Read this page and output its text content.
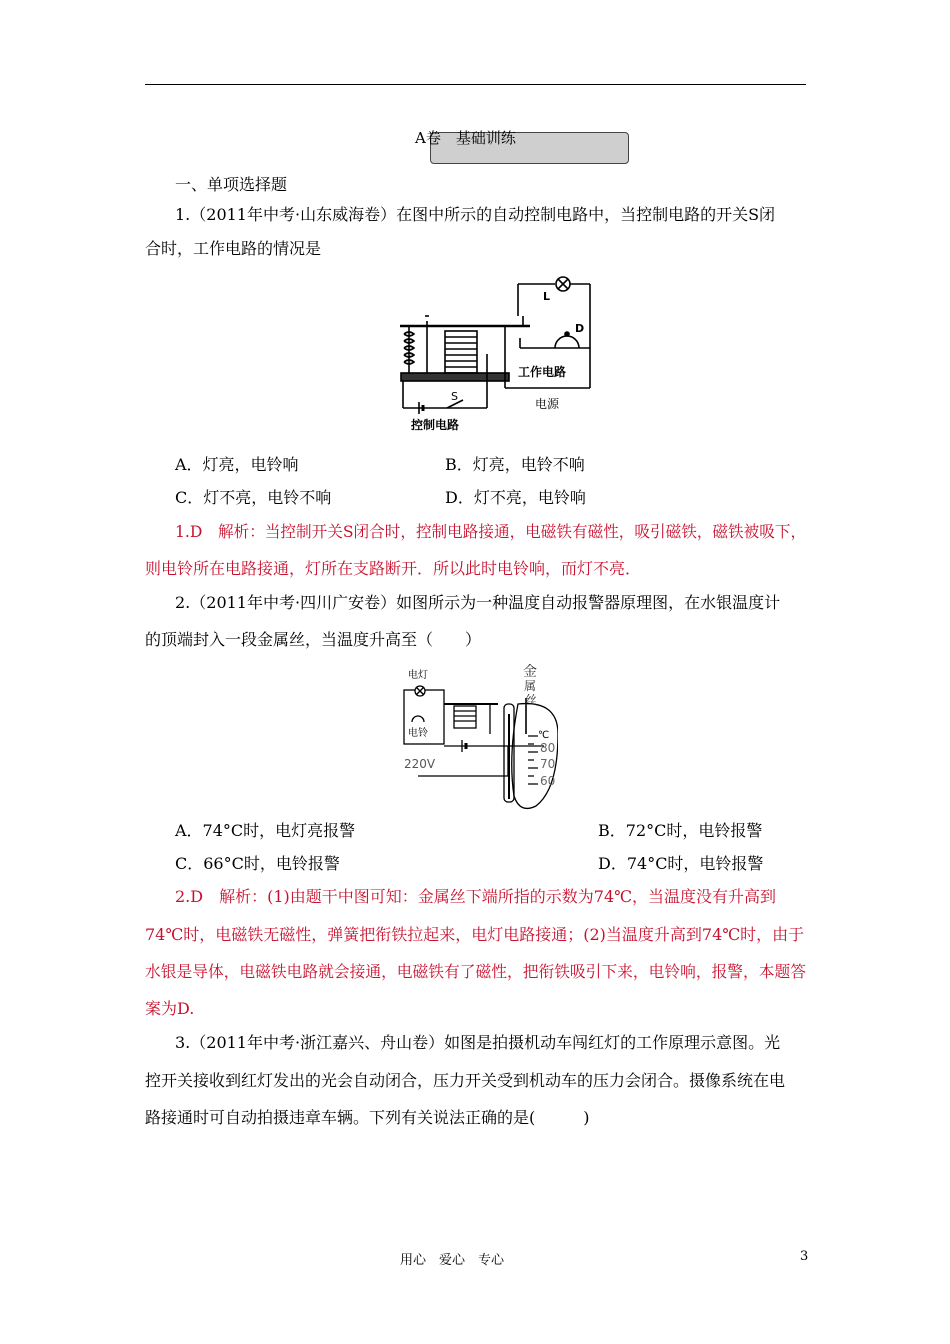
A卷　基础训练
一、单项选择题
1.（2011年中考·山东威海卷）在图中所示的自动控制电路中，当控制电路的开关S闭
合时，工作电路的情况是
L
D
S
工作电路
电源
控制电路
A．灯亮，电铃响	B．灯亮，电铃不响
C．灯不亮，电铃不响	D．灯不亮，电铃响
1.D　解析：当控制开关S闭合时，控制电路接通，电磁铁有磁性，吸引磁铁，磁铁被吸下，
则电铃所在电路接通，灯所在支路断开．所以此时电铃响，而灯不亮．
2.（2011年中考·四川广安卷）如图所示为一种温度自动报警器原理图，在水银温度计
的顶端封入一段金属丝，当温度升高至（　　）
电灯
电铃
220V
金
属
丝
℃
80
70
60
A．74°C时，电灯亮报警	B．72°C时，电铃报警
C．66°C时，电铃报警	D．74°C时，电铃报警
2.D　解析：(1)由题干中图可知：金属丝下端所指的示数为74℃，当温度没有升高到
74℃时，电磁铁无磁性，弹簧把衔铁拉起来，电灯电路接通；(2)当温度升高到74℃时，由于
水银是导体，电磁铁电路就会接通，电磁铁有了磁性，把衔铁吸引下来，电铃响，报警，本题答
案为D.
3.（2011年中考·浙江嘉兴、舟山卷）如图是拍摄机动车闯红灯的工作原理示意图。光
控开关接收到红灯发出的光会自动闭合，压力开关受到机动车的压力会闭合。摄像系统在电
路接通时可自动拍摄违章车辆。下列有关说法正确的是(　　　)
用心　爱心　专心	3
